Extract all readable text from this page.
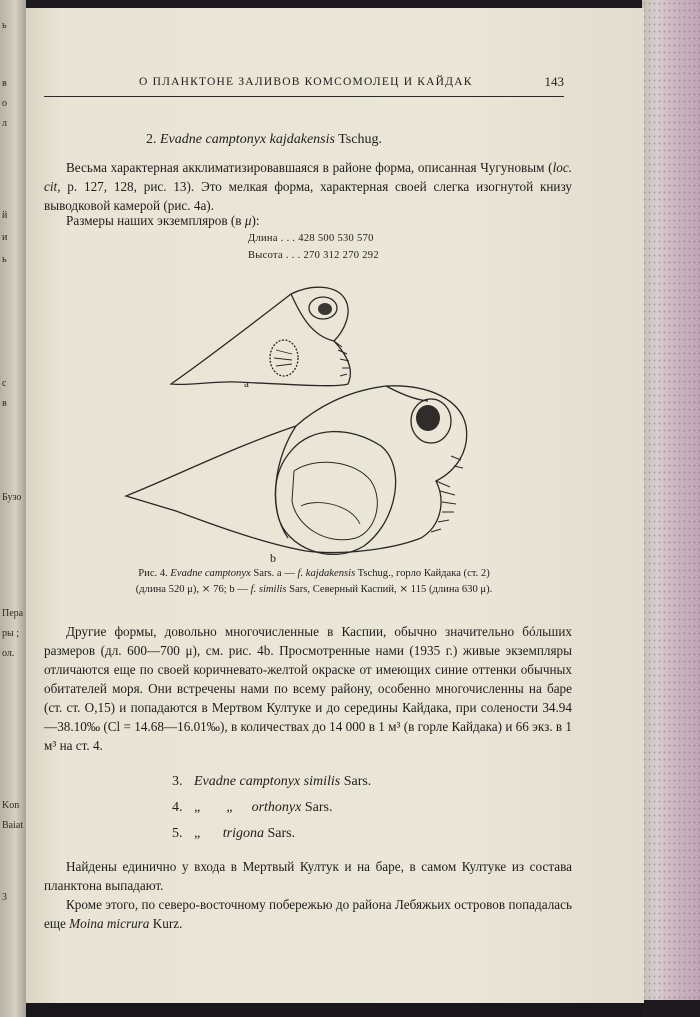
ь
в
о
л
й
и
ь
с
в
Бузо
Пера
ры ;
ол.
Kon
Baiat
3
О ПЛАНКТОНЕ ЗАЛИВОВ КОМСОМОЛЕЦ И КАЙДАК	143
2. Evadne camptonyx kajdakensis Tschug.
Весьма характерная акклиматизировавшаяся в районе форма, описанная Чугуновым (loc. cit, р. 127, 128, рис. 13). Это мелкая форма, характерная своей слегка изогнутой книзу выводковой камерой (рис. 4а).
Размеры наших экземпляров (в μ):
Длина . . . 428 500 530 570
Высота . . . 270 312 270 292
a
b
Рис. 4. Evadne camptonyx Sars. a — f. kajdakensis Tschug., горло Кайдака (ст. 2) (длина 520 μ), ⨯ 76; b — f. similis Sars, Северный Каспий, ⨯ 115 (длина 630 μ).
Другие формы, довольно многочисленные в Каспии, обычно значительно бóльших размеров (дл. 600—700 μ), см. рис. 4b. Просмотренные нами (1935 г.) живые экземпляры отличаются еще по своей коричневато-желтой окраске от имеющих синие оттенки обычных обитателей моря. Они встречены нами по всему району, особенно многочисленны на баре (ст. ст. О,15) и попадаются в Мертвом Култуке и до середины Кайдака, при солености 34.94—38.10‰ (Cl = 14.68—16.01‰), в количествах до 14 000 в 1 м³ (в горле Кайдака) и 66 экз. в 1 м³ на ст. 4.
3. Evadne camptonyx similis Sars.
4. „       „     orthonyx Sars.
5. „      trigona Sars.
Найдены единично у входа в Мертвый Култук и на баре, в самом Култуке из состава планктона выпадают.
Кроме этого, по северо-восточному побережью до района Лебяжьих островов попадалась еще Moina micrura Kurz.
